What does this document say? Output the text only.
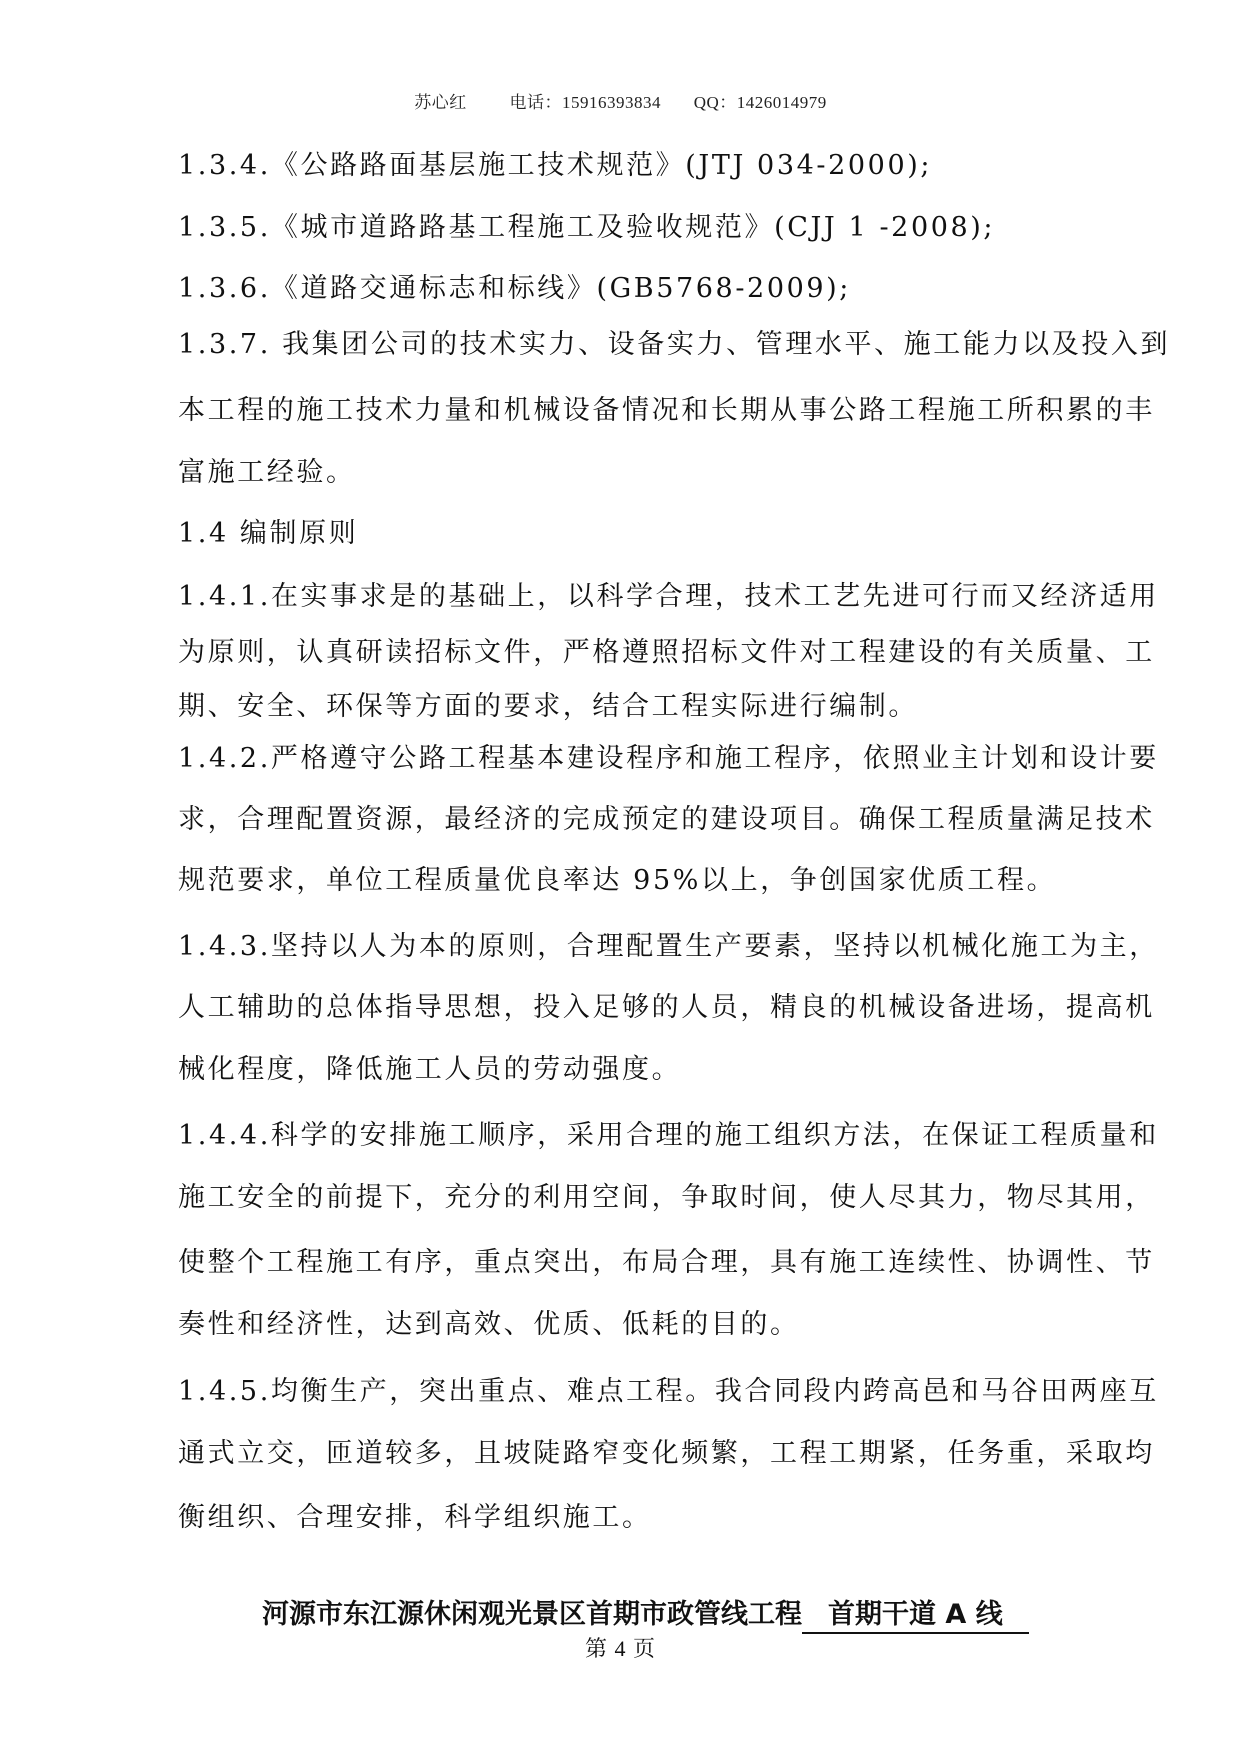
苏心红	电话：15916393834 QQ：1426014979
1.3.4.《公路路面基层施工技术规范》(JTJ 034-2000);
1.3.5.《城市道路路基工程施工及验收规范》(CJJ 1 -2008);
1.3.6.《道路交通标志和标线》(GB5768-2009);
1.3.7. 我集团公司的技术实力、设备实力、管理水平、施工能力以及投入到
本工程的施工技术力量和机械设备情况和长期从事公路工程施工所积累的丰
富施工经验。
1.4 编制原则
1.4.1.在实事求是的基础上，以科学合理，技术工艺先进可行而又经济适用
为原则，认真研读招标文件，严格遵照招标文件对工程建设的有关质量、工
期、安全、环保等方面的要求，结合工程实际进行编制。
1.4.2.严格遵守公路工程基本建设程序和施工程序，依照业主计划和设计要
求，合理配置资源，最经济的完成预定的建设项目。确保工程质量满足技术
规范要求，单位工程质量优良率达 95%以上，争创国家优质工程。
1.4.3.坚持以人为本的原则，合理配置生产要素，坚持以机械化施工为主，
人工辅助的总体指导思想，投入足够的人员，精良的机械设备进场，提高机
械化程度，降低施工人员的劳动强度。
1.4.4.科学的安排施工顺序，采用合理的施工组织方法，在保证工程质量和
施工安全的前提下，充分的利用空间，争取时间，使人尽其力，物尽其用，
使整个工程施工有序，重点突出，布局合理，具有施工连续性、协调性、节
奏性和经济性，达到高效、优质、低耗的目的。
1.4.5.均衡生产，突出重点、难点工程。我合同段内跨高邑和马谷田两座互
通式立交，匝道较多，且坡陡路窄变化频繁，工程工期紧，任务重，采取均
衡组织、合理安排，科学组织施工。
河源市东江源休闲观光景区首期市政管线工程 首期干道 A 线
第 4 页
